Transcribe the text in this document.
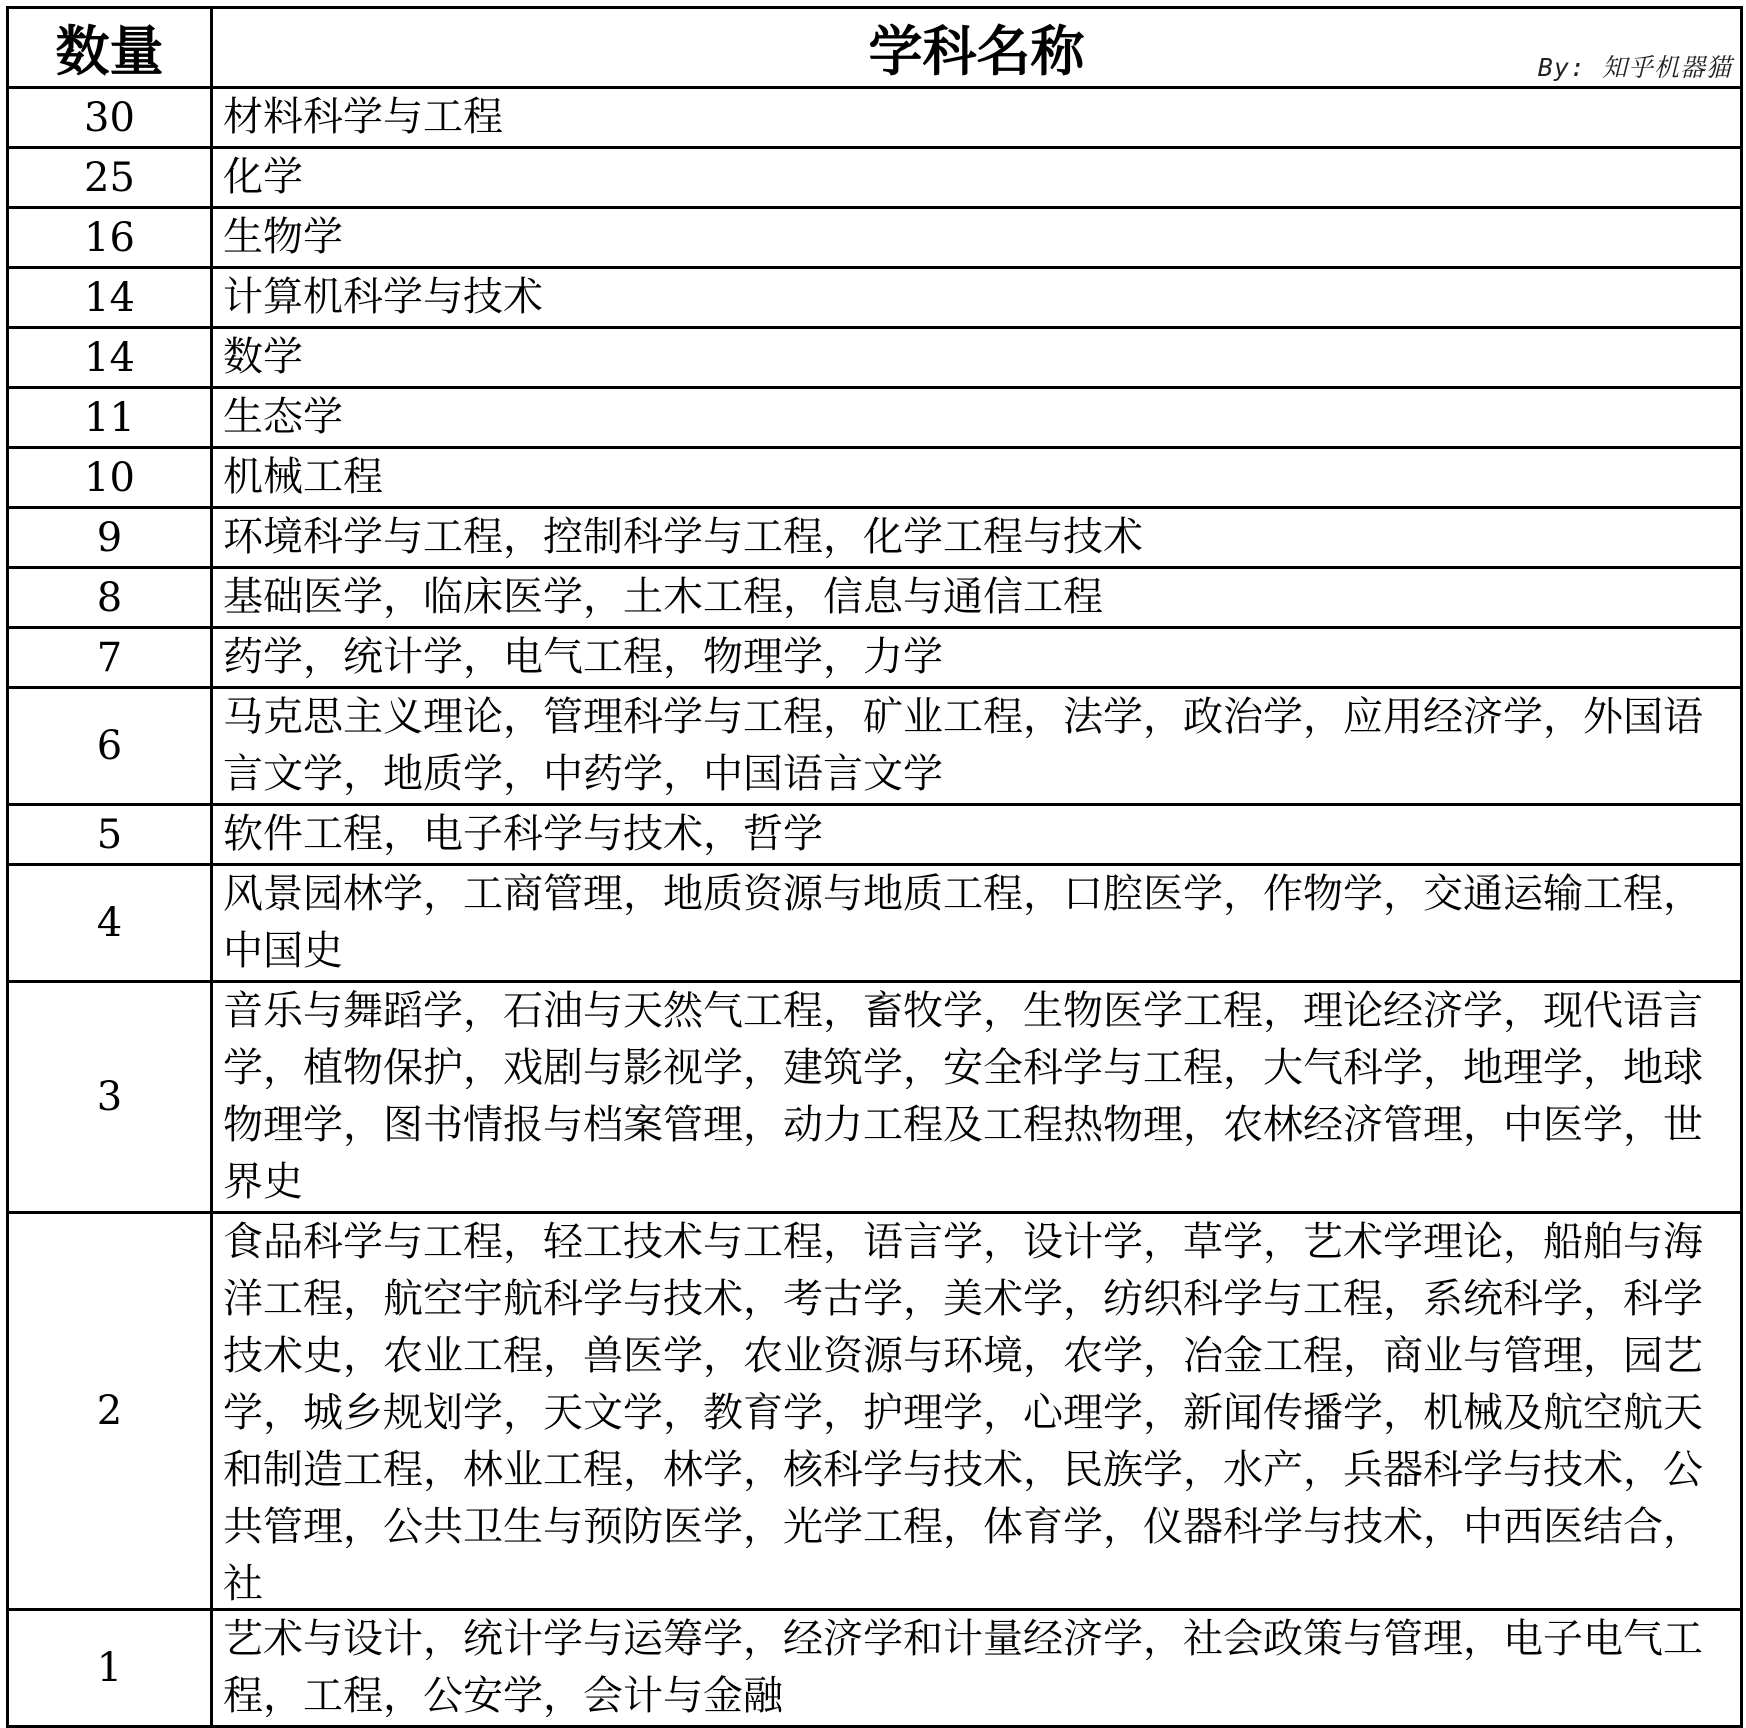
数量	学科名称 By: 知乎机器猫

30	材料科学与工程
25	化学
16	生物学
14	计算机科学与技术
14	数学
11	生态学
10	机械工程
9	环境科学与工程，控制科学与工程，化学工程与技术
8	基础医学，临床医学，土木工程，信息与通信工程
7	药学，统计学，电气工程，物理学，力学
6	马克思主义理论，管理科学与工程，矿业工程，法学，政治学，应用经济学，外国语言文学，地质学，中药学，中国语言文学
5	软件工程，电子科学与技术，哲学
4	风景园林学，工商管理，地质资源与地质工程，口腔医学，作物学，交通运输工程，中国史
3	音乐与舞蹈学，石油与天然气工程，畜牧学，生物医学工程，理论经济学，现代语言学，植物保护，戏剧与影视学，建筑学，安全科学与工程，大气科学，地理学，地球物理学，图书情报与档案管理，动力工程及工程热物理，农林经济管理，中医学，世界史
2	食品科学与工程，轻工技术与工程，语言学，设计学，草学，艺术学理论，船舶与海洋工程，航空宇航科学与技术，考古学，美术学，纺织科学与工程，系统科学，科学技术史，农业工程，兽医学，农业资源与环境，农学，冶金工程，商业与管理，园艺学，城乡规划学，天文学，教育学，护理学，心理学，新闻传播学，机械及航空航天和制造工程，林业工程，林学，核科学与技术，民族学，水产，兵器科学与技术，公共管理，公共卫生与预防医学，光学工程，体育学，仪器科学与技术，中西医结合，社

1	艺术与设计，统计学与运筹学，经济学和计量经济学，社会政策与管理，电子电气工程，工程，公安学，会计与金融
